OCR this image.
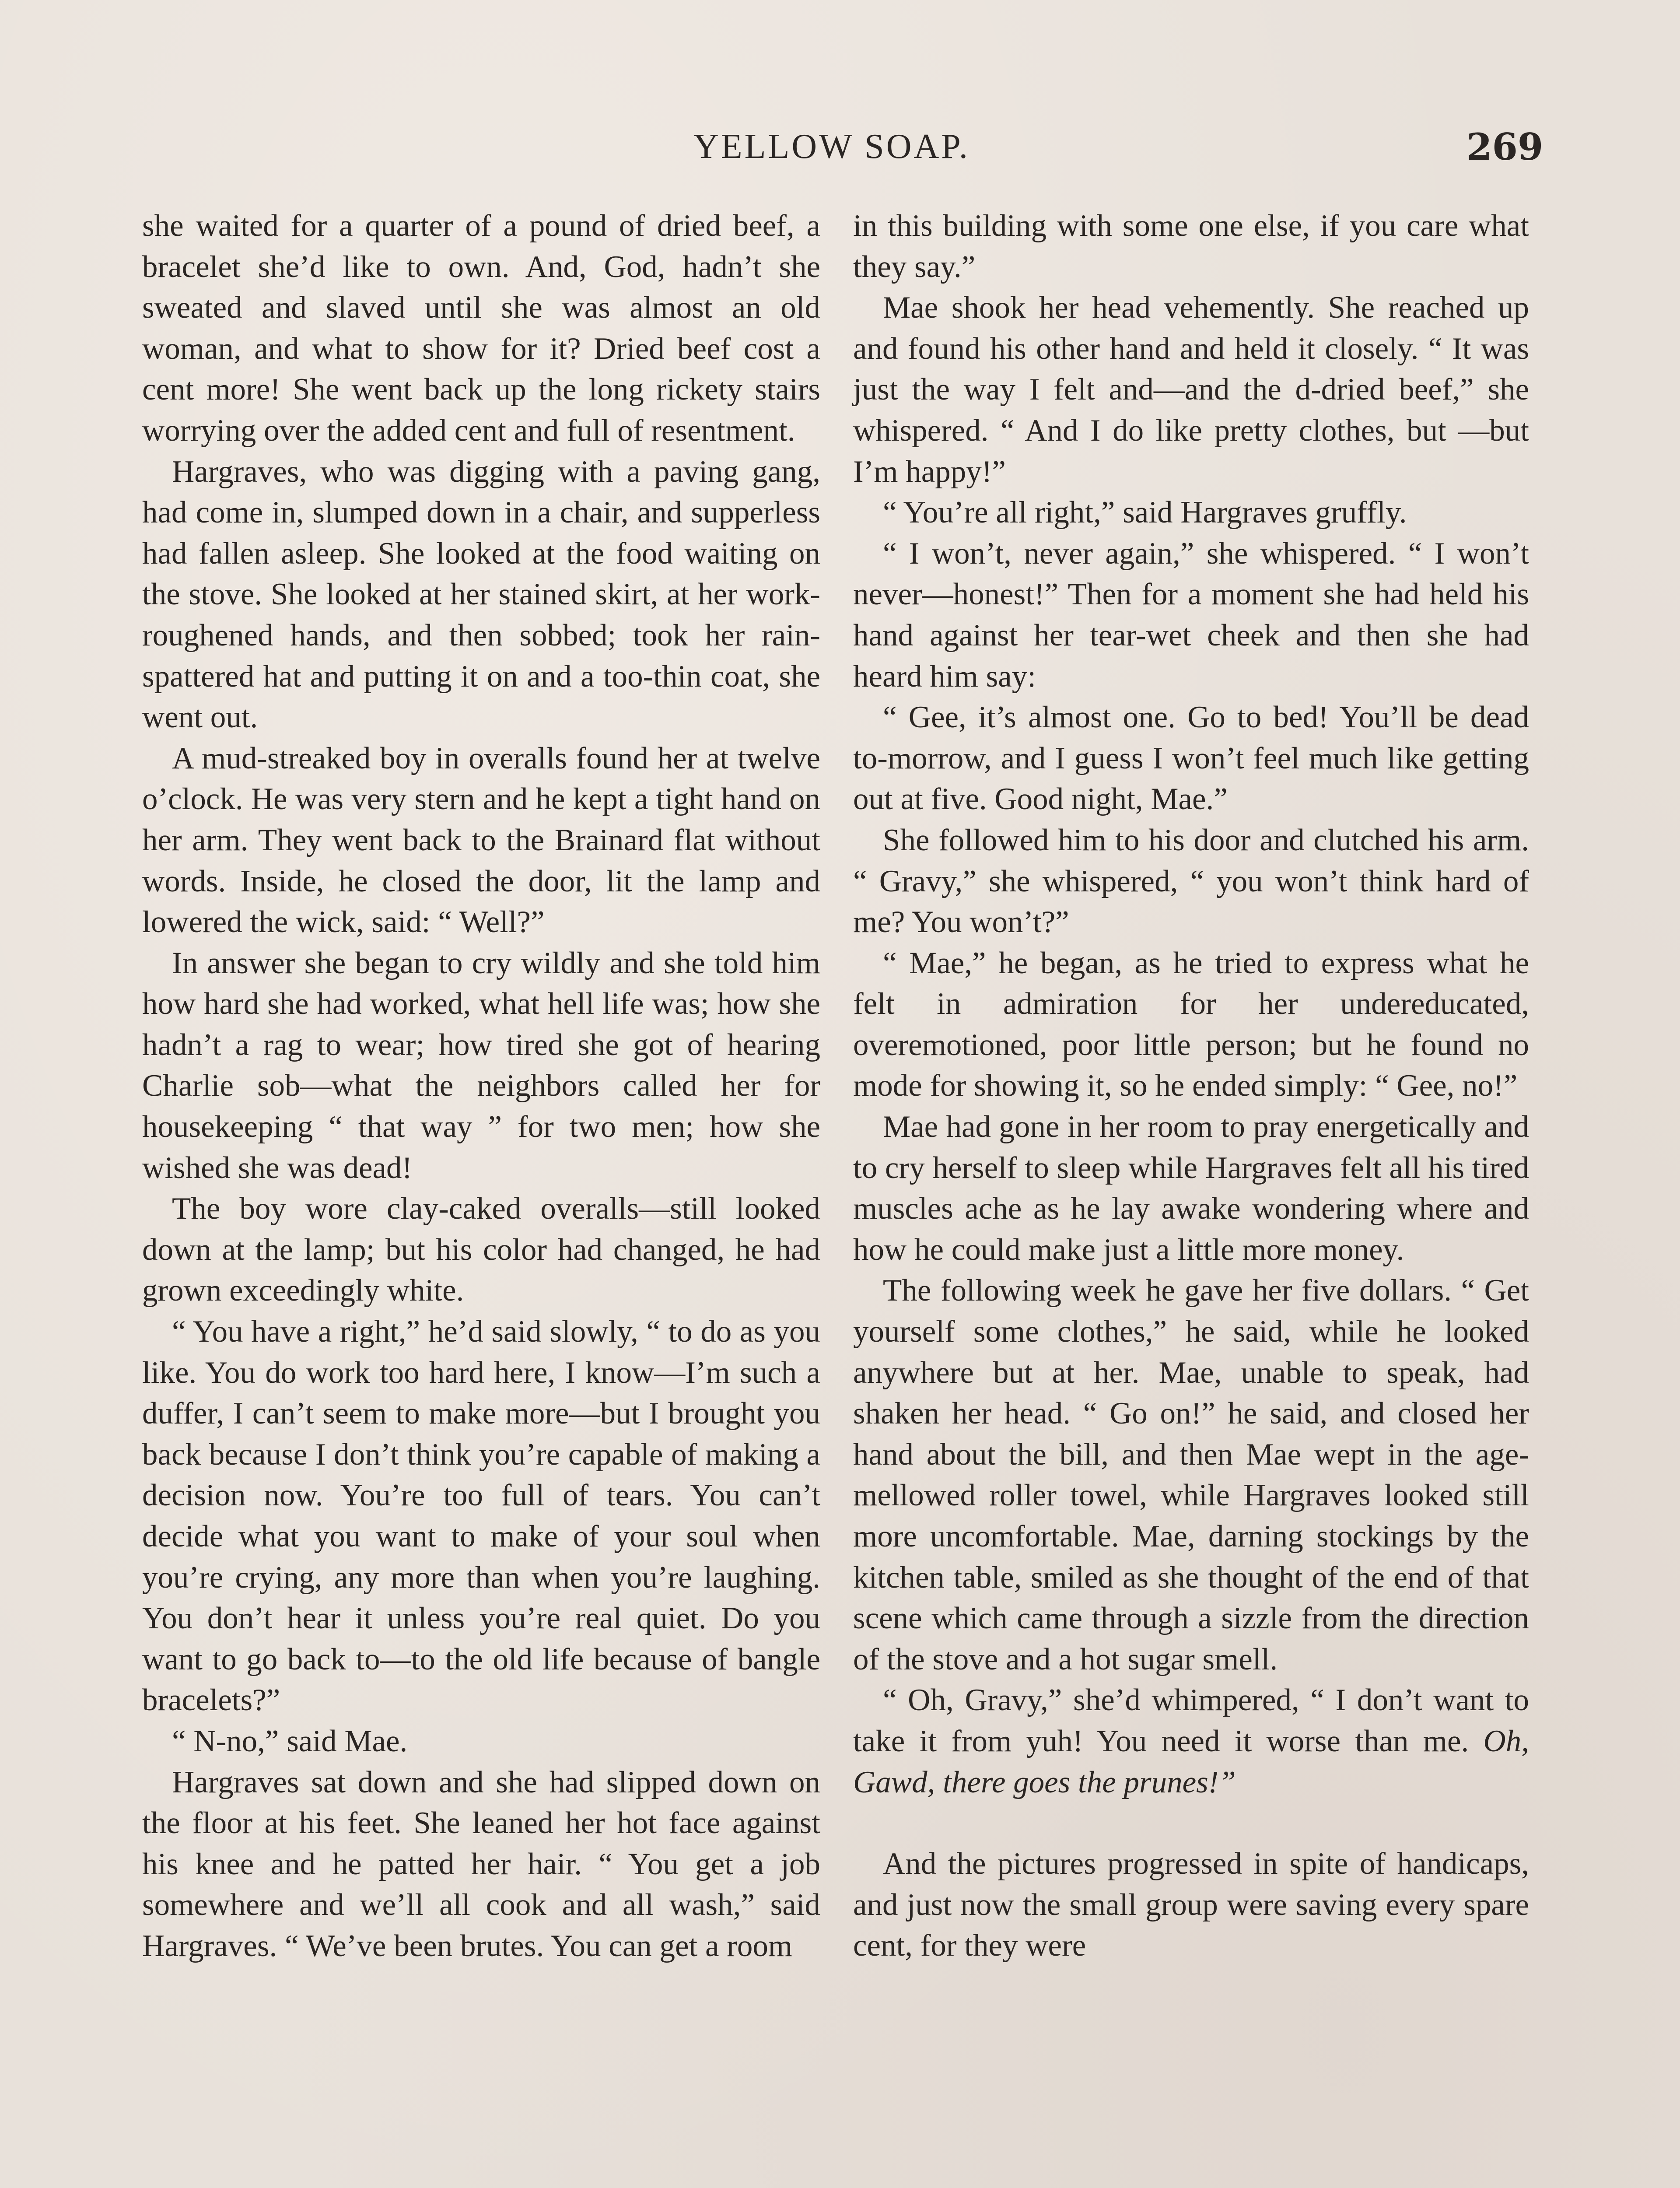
YELLOW SOAP.	269

she waited for a quarter of a pound of dried beef, a bracelet she’d like to own. And, God, hadn’t she sweated and slaved until she was almost an old woman, and what to show for it? Dried beef cost a cent more! She went back up the long rickety stairs worrying over the added cent and full of resentment.

Hargraves, who was digging with a paving gang, had come in, slumped down in a chair, and supperless had fallen asleep. She looked at the food waiting on the stove. She looked at her stained skirt, at her work-roughened hands, and then sobbed; took her rain-spattered hat and putting it on and a too-thin coat, she went out.

A mud-streaked boy in overalls found her at twelve o’clock. He was very stern and he kept a tight hand on her arm. They went back to the Brainard flat without words. Inside, he closed the door, lit the lamp and lowered the wick, said: “ Well?”

In answer she began to cry wildly and she told him how hard she had worked, what hell life was; how she hadn’t a rag to wear; how tired she got of hearing Charlie sob—what the neighbors called her for housekeeping “ that way ” for two men; how she wished she was dead!

The boy wore clay-caked overalls—still looked down at the lamp; but his color had changed, he had grown exceedingly white.

“ You have a right,” he’d said slowly, “ to do as you like. You do work too hard here, I know—I’m such a duffer, I can’t seem to make more—but I brought you back because I don’t think you’re capable of making a decision now. You’re too full of tears. You can’t decide what you want to make of your soul when you’re crying, any more than when you’re laughing. You don’t hear it unless you’re real quiet. Do you want to go back to—to the old life because of bangle bracelets?”

“ N-no,” said Mae.

Hargraves sat down and she had slipped down on the floor at his feet. She leaned her hot face against his knee and he patted her hair. “ You get a job somewhere and we’ll all cook and all wash,” said Hargraves. “ We’ve been brutes. You can get a room

in this building with some one else, if you care what they say.”

Mae shook her head vehemently. She reached up and found his other hand and held it closely. “ It was just the way I felt and—and the d-dried beef,” she whispered. “ And I do like pretty clothes, but —but I’m happy!”

“ You’re all right,” said Hargraves gruffly.

“ I won’t, never again,” she whispered. “ I won’t never—honest!” Then for a moment she had held his hand against her tear-wet cheek and then she had heard him say:

“ Gee, it’s almost one. Go to bed! You’ll be dead to-morrow, and I guess I won’t feel much like getting out at five. Good night, Mae.”

She followed him to his door and clutched his arm. “ Gravy,” she whispered, “ you won’t think hard of me? You won’t?”

“ Mae,” he began, as he tried to express what he felt in admiration for her undereducated, overemotioned, poor little person; but he found no mode for showing it, so he ended simply: “ Gee, no!”

Mae had gone in her room to pray energetically and to cry herself to sleep while Hargraves felt all his tired muscles ache as he lay awake wondering where and how he could make just a little more money.

The following week he gave her five dollars. “ Get yourself some clothes,” he said, while he looked anywhere but at her. Mae, unable to speak, had shaken her head. “ Go on!” he said, and closed her hand about the bill, and then Mae wept in the age-mellowed roller towel, while Hargraves looked still more uncomfortable. Mae, darning stockings by the kitchen table, smiled as she thought of the end of that scene which came through a sizzle from the direction of the stove and a hot sugar smell.

“ Oh, Gravy,” she’d whimpered, “ I don’t want to take it from yuh! You need it worse than me. Oh, Gawd, there goes the prunes!”

And the pictures progressed in spite of handicaps, and just now the small group were saving every spare cent, for they were
